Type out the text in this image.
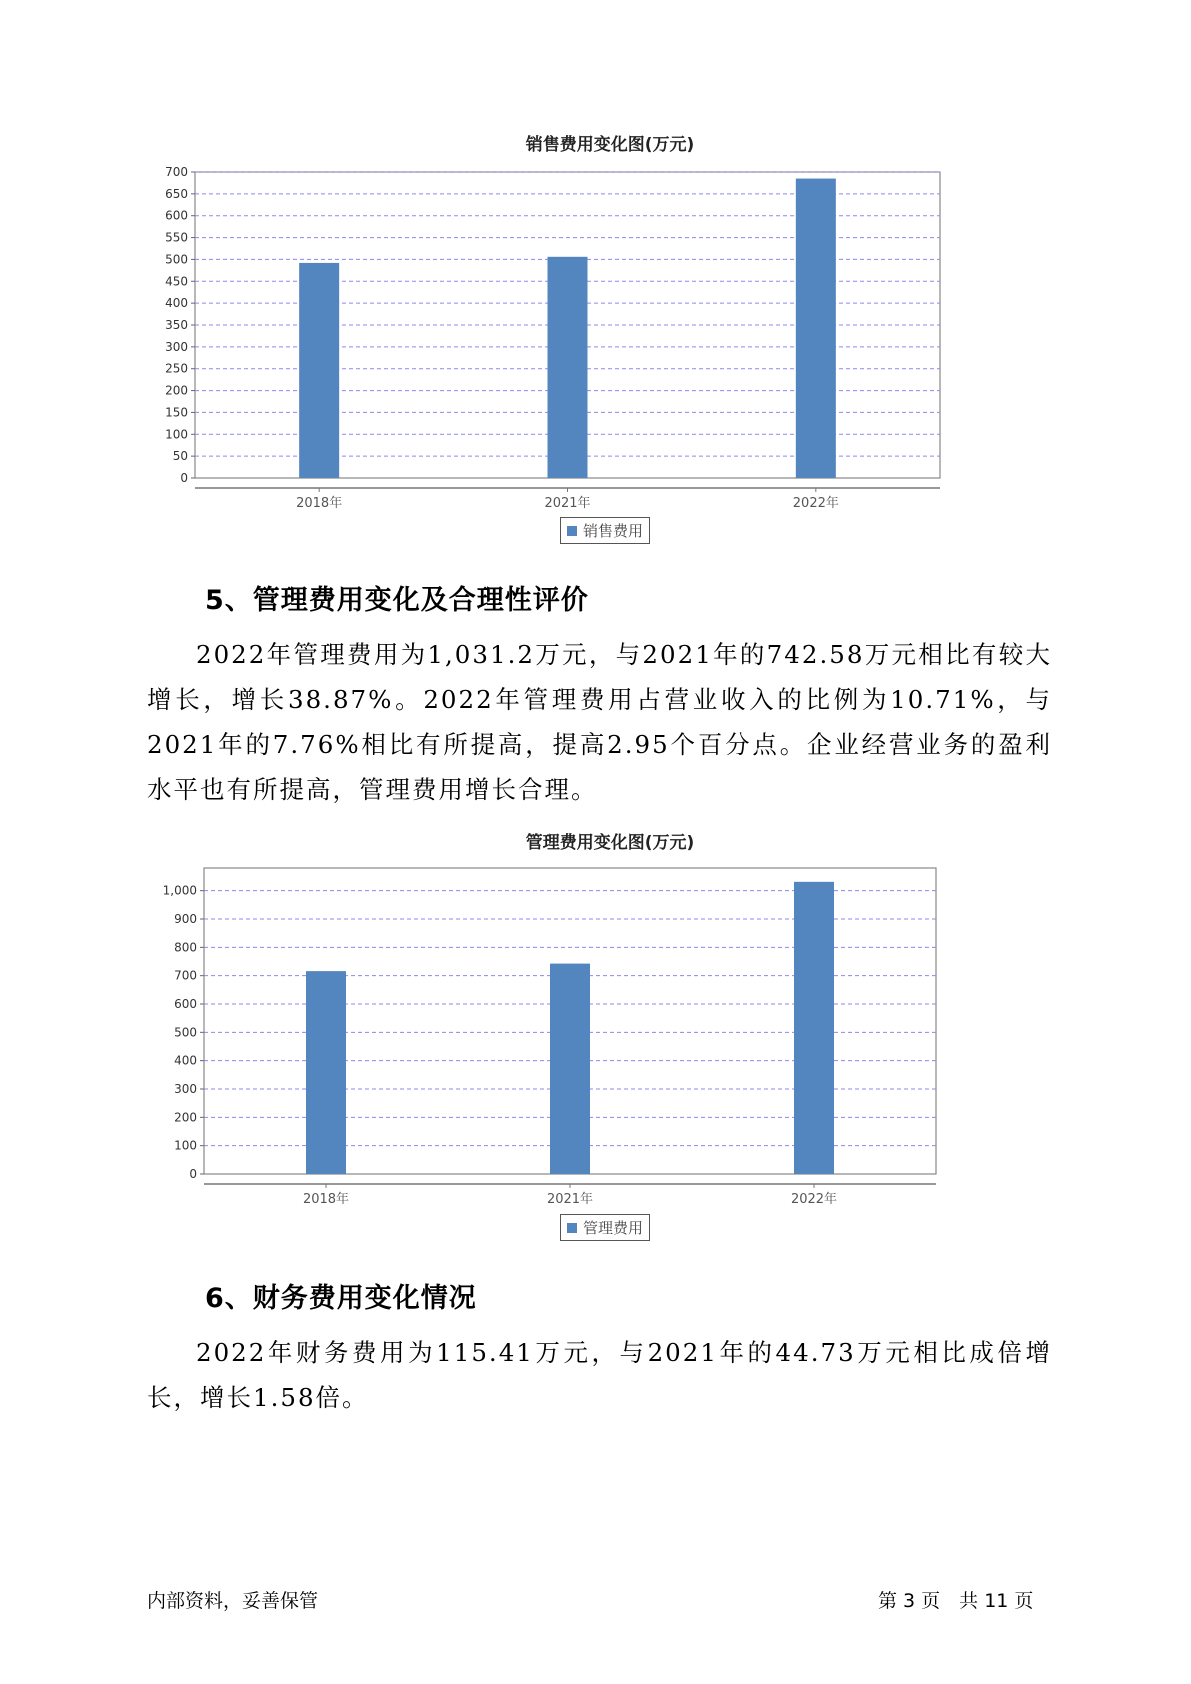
销售费用变化图(万元)
0
50
100
150
200
250
300
350
400
450
500
550
600
650
700
2018年	2021年	2022年
销售费用
5、管理费用变化及合理性评价

2022年管理费用为1,031.2万元，与2021年的742.58万元相比有较大增长，增长38.87%。2022年管理费用占营业收入的比例为10.71%，与2021年的7.76%相比有所提高，提高2.95个百分点。企业经营业务的盈利水平也有所提高，管理费用增长合理。

管理费用变化图(万元)
0
100
200
300
400
500
600
700
800
900
1,000
2018年	2021年	2022年
管理费用
6、财务费用变化情况

2022年财务费用为115.41万元，与2021年的44.73万元相比成倍增长，增长1.58倍。

内部资料，妥善保管	第 3 页　共 11 页
